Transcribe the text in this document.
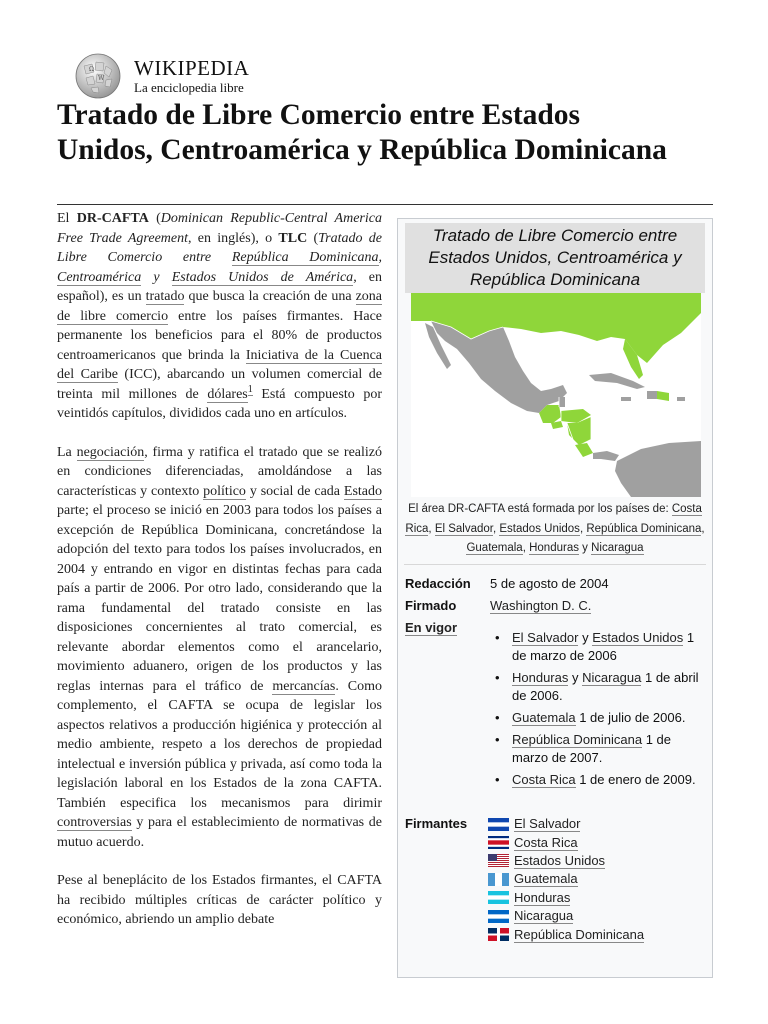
Ω
W WIKIPEDIA
La enciclopedia libre
Tratado de Libre Comercio entre Estados Unidos, Centroamérica y República Dominicana

El DR-CAFTA (Dominican Republic-Central America Free Trade Agreement, en inglés), o TLC (Tratado de Libre Comercio entre República Dominicana, Centroamérica y Estados Unidos de América, en español), es un tratado que busca la creación de una zona de libre comercio entre los países firmantes. Hace permanente los beneficios para el 80% de productos centroamericanos que brinda la Iniciativa de la Cuenca del Caribe (ICC), abarcando un volumen comercial de treinta mil millones de dólares$^1$ Está compuesto por veintidós capítulos, divididos cada uno en artículos.

La negociación, firma y ratifica el tratado que se realizó en condiciones diferenciadas, amoldándose a las características y contexto político y social de cada Estado parte; el proceso se inició en 2003 para todos los países a excepción de República Dominicana, concretándose la adopción del texto para todos los países involucrados, en 2004 y entrando en vigor en distintas fechas para cada país a partir de 2006. Por otro lado, considerando que la rama fundamental del tratado consiste en las disposiciones concernientes al trato comercial, es relevante abordar elementos como el arancelario, movimiento aduanero, origen de los productos y las reglas internas para el tráfico de mercancías. Como complemento, el CAFTA se ocupa de legislar los aspectos relativos a producción higiénica y protección al medio ambiente, respeto a los derechos de propiedad intelectual e inversión pública y privada, así como toda la legislación laboral en los Estados de la zona CAFTA. También especifica los mecanismos para dirimir controversias y para el establecimiento de normativas de mutuo acuerdo.

Pese al beneplácito de los Estados firmantes, el CAFTA ha recibido múltiples críticas de carácter político y económico, abriendo un amplio debate

Tratado de Libre Comercio entre Estados Unidos, Centroamérica y República Dominicana
El área DR-CAFTA está formada por los países de: Costa Rica, El Salvador, Estados Unidos, República Dominicana, Guatemala, Honduras y Nicaragua
Redacción 5 de agosto de 2004
Firmado	Washington D. C.
En vigor
• El Salvador y Estados Unidos 1 de marzo de 2006
• Honduras y Nicaragua 1 de abril de 2006.
• Guatemala 1 de julio de 2006.
• República Dominicana 1 de marzo de 2007.
• Costa Rica 1 de enero de 2009.
Firmantes	El Salvador
Costa Rica
Estados Unidos
Guatemala
Honduras
Nicaragua
República Dominicana
